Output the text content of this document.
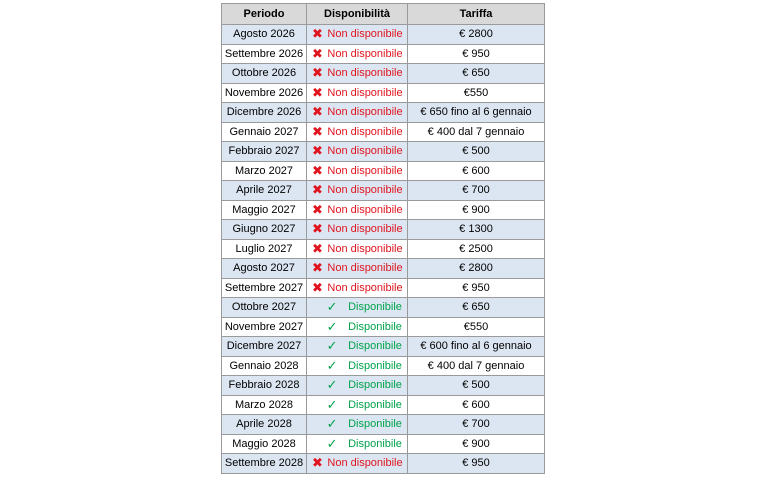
Periodo	Disponibilità	Tariffa
Agosto 2026	✖ Non disponibile	€ 2800
Settembre 2026	✖ Non disponibile	€ 950
Ottobre 2026	✖ Non disponibile	€ 650
Novembre 2026	✖ Non disponibile	€550
Dicembre 2026	✖ Non disponibile	€ 650 fino al 6 gennaio
Gennaio 2027	✖ Non disponibile	€ 400 dal 7 gennaio
Febbraio 2027	✖ Non disponibile	€ 500
Marzo 2027	✖ Non disponibile	€ 600
Aprile 2027	✖ Non disponibile	€ 700
Maggio 2027	✖ Non disponibile	€ 900
Giugno 2027	✖ Non disponibile	€ 1300
Luglio 2027	✖ Non disponibile	€ 2500
Agosto 2027	✖ Non disponibile	€ 2800
Settembre 2027	✖ Non disponibile	€ 950
Ottobre 2027	✓ Disponibile	€ 650
Novembre 2027	✓ Disponibile	€550
Dicembre 2027	✓ Disponibile	€ 600 fino al 6 gennaio
Gennaio 2028	✓ Disponibile	€ 400 dal 7 gennaio
Febbraio 2028	✓ Disponibile	€ 500
Marzo 2028	✓ Disponibile	€ 600
Aprile 2028	✓ Disponibile	€ 700
Maggio 2028	✓ Disponibile	€ 900
Settembre 2028	✖ Non disponibile	€ 950
